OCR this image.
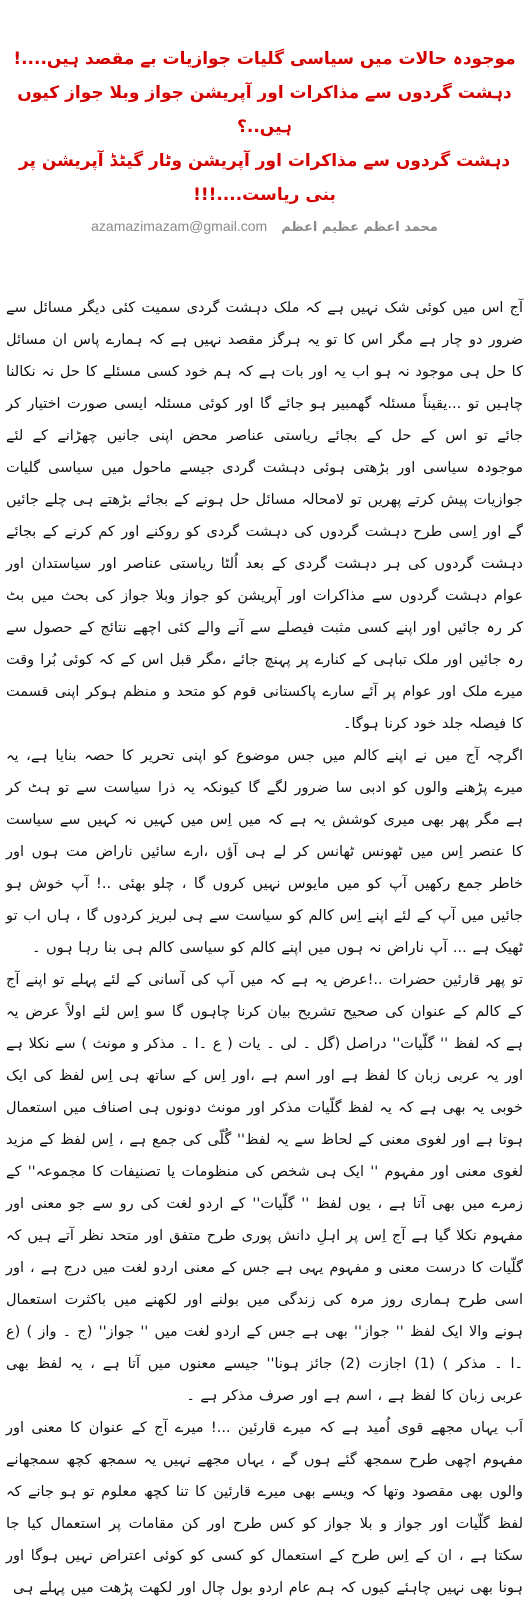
موجودہ حالات میں سیاسی گلیات جوازیات بے مقصد ہیں....!

دہشت گردوں سے مذاکرات اور آپریشن جواز وبلا جواز کیوں ہیں..؟

دہشت گردوں سے مذاکرات اور آپریشن وٹار گیٹڈ آپریشن پر بنی ریاست....!!!

azamazimazam@gmail.com محمد اعظم عظیم اعظم

آج اس میں کوئی شک نہیں ہے کہ ملک دہشت گردی سمیت کئی دیگر مسائل سے ضرور دو چار ہے مگر اس کا تو یہ ہرگز مقصد نہیں ہے کہ ہمارے پاس ان مسائل کا حل ہی موجود نہ ہو اب یہ اور بات ہے کہ ہم خود کسی مسئلے کا حل نہ نکالنا چاہیں تو ...یقیناً مسئلہ گھمبیر ہو جائے گا اور کوئی مسئلہ ایسی صورت اختیار کر جائے تو اس کے حل کے بجائے ریاستی عناصر محض اپنی جانیں چھڑانے کے لئے موجودہ سیاسی اور بڑھتی ہوئی دہشت گردی جیسے ماحول میں سیاسی گلیات جوازیات پیش کرتے پھریں تو لامحالہ مسائل حل ہونے کے بجائے بڑھتے ہی چلے جائیں گے اور اِسی طرح دہشت گردوں کی دہشت گردی کو روکنے اور کم کرنے کے بجائے دہشت گردوں کی ہر دہشت گردی کے بعد اُلٹا ریاستی عناصر اور سیاستدان اور عوام دہشت گردوں سے مذاکرات اور آپریشن کو جواز وبلا جواز کی بحث میں بٹ کر رہ جائیں اور اپنے کسی مثبت فیصلے سے آنے والے کئی اچھے نتائج کے حصول سے رہ جائیں اور ملک تباہی کے کنارے پر پہنچ جائے ،مگر قبل اس کے کہ کوئی بُرا وقت میرے ملک اور عوام پر آئے سارے پاکستانی قوم کو متحد و منظم ہوکر اپنی قسمت کا فیصلہ جلد خود کرنا ہوگا۔

اگرچہ آج میں نے اپنے کالم میں جس موضوع کو اپنی تحریر کا حصہ بنایا ہے، یہ میرے پڑھنے والوں کو ادبی سا ضرور لگے گا کیونکہ یہ ذرا سیاست سے تو ہٹ کر ہے مگر پھر بھی میری کوشش یہ ہے کہ میں اِس میں کہیں نہ کہیں سے سیاست کا عنصر اِس میں ٹھونس ٹھانس کر لے ہی آؤں ،ارے سائیں ناراض مت ہوں اور خاطر جمع رکھیں آپ کو میں مایوس نہیں کروں گا ، چلو بھئی ..! آپ خوش ہو جائیں میں آپ کے لئے اپنے اِس کالم کو سیاست سے ہی لبریز کردوں گا ، ہاں اب تو ٹھیک ہے ... آپ ناراض نہ ہوں میں اپنے کالم کو سیاسی کالم ہی بنا رہا ہوں ۔

تو پھر قارئین حضرات ..!عرض یہ ہے کہ میں آپ کی آسانی کے لئے پہلے تو اپنے آج کے کالم کے عنوان کی صحیح تشریح بیان کرنا چاہوں گا سو اِس لئے اولاً عرض یہ ہے کہ لفظ '' گلّیات'' دراصل (گل ۔ لی ۔ یات ( ع ۔ا ۔ مذکر و مونث ) سے نکلا ہے اور یہ عربی زبان کا لفظ ہے اور اسم ہے ،اور اِس کے ساتھ ہی اِس لفظ کی ایک خوبی یہ بھی ہے کہ یہ لفظ گلّیات مذکر اور مونث دونوں ہی اصناف میں استعمال ہوتا ہے اور لغوی معنی کے لحاظ سے یہ لفظ'' گُلّی کی جمع ہے ، اِس لفظ کے مزید لغوی معنی اور مفہوم '' ایک ہی شخص کی منظومات یا تصنیفات کا مجموعہ'' کے زمرے میں بھی آتا ہے ، یوں لفظ '' گلّیات'' کے اردو لغت کی رو سے جو معنی اور مفہوم نکلا گیا ہے آج اِس پر اہلِ دانش پوری طرح متفق اور متحد نظر آتے ہیں کہ گلّیات کا درست معنی و مفہوم یہی ہے جس کے معنی اردو لغت میں درج ہے ، اور اسی طرح ہماری روز مرہ کی زندگی میں بولنے اور لکھنے میں باکثرت استعمال ہونے والا ایک لفظ '' جواز'' بھی ہے جس کے اردو لغت میں '' جواز'' (ج ۔ واز ) (ع ۔ا ۔ مذکر ) (1) اجازت (2) جائز ہونا'' جیسے معنوں میں آتا ہے ، یہ لفظ بھی عربی زبان کا لفظ ہے ، اسم ہے اور صرف مذکر ہے ۔

اَب یہاں مجھے قوی اُمید ہے کہ میرے قارئین ...! میرے آج کے عنوان کا معنی اور مفہوم اچھی طرح سمجھ گئے ہوں گے ، یہاں مجھے نہیں یہ سمجھ کچھ سمجھانے والوں بھی مقصود وتھا کہ ویسے بھی میرے قارئین کا تنا کچھ معلوم تو ہو جانے کہ لفظ گلّیات اور جواز و بلا جواز کو کس طرح اور کن مقامات پر استعمال کیا جا سکتا ہے ، ان کے اِس طرح کے استعمال کو کسی کو کوئی اعتراض نہیں ہوگا اور ہونا بھی نہیں چاہئے کیوں کہ ہم عام اردو بول چال اور لکھت پڑھت میں پہلے ہی
